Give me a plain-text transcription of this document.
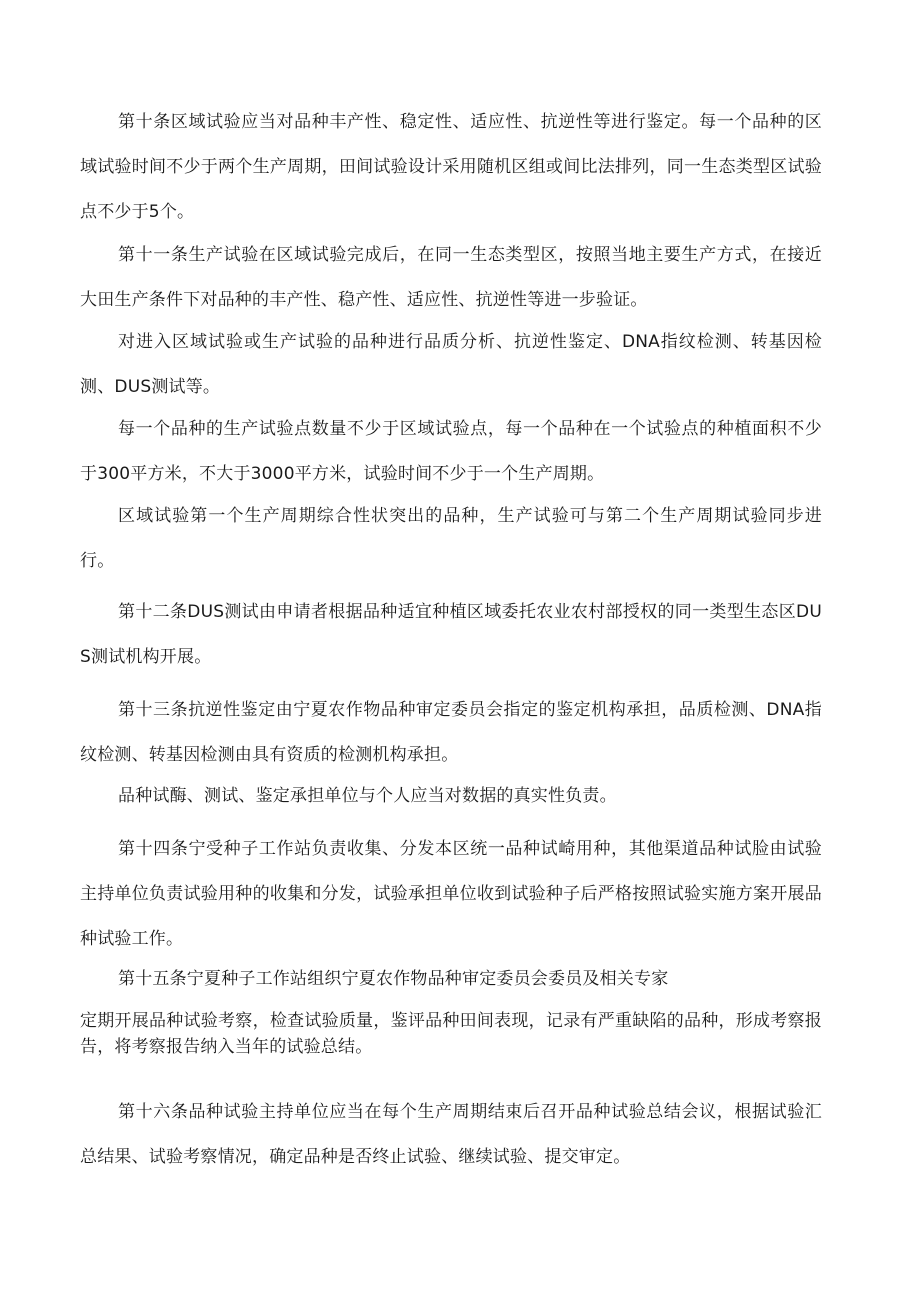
第十条区域试验应当对品种丰产性、稳定性、适应性、抗逆性等进行鉴定。每一个品种的区域试验时间不少于两个生产周期，田间试验设计采用随机区组或间比法排列，同一生态类型区试验点不少于5个。

第十一条生产试验在区域试验完成后，在同一生态类型区，按照当地主要生产方式，在接近大田生产条件下对品种的丰产性、稳产性、适应性、抗逆性等进一步验证。

对进入区域试验或生产试验的品种进行品质分析、抗逆性鉴定、DNA指纹检测、转基因检测、DUS测试等。

每一个品种的生产试验点数量不少于区域试验点，每一个品种在一个试验点的种植面积不少于300平方米，不大于3000平方米，试验时间不少于一个生产周期。

区域试验第一个生产周期综合性状突出的品种，生产试验可与第二个生产周期试验同步进行。

第十二条DUS测试由申请者根据品种适宜种植区域委托农业农村部授权的同一类型生态区DUS测试机构开展。

第十三条抗逆性鉴定由宁夏农作物品种审定委员会指定的鉴定机构承担，品质检测、DNA指纹检测、转基因检测由具有资质的检测机构承担。

品种试酶、测试、鉴定承担单位与个人应当对数据的真实性负责。

第十四条宁受种子工作站负责收集、分发本区统一品种试崎用种，其他渠道品种试脸由试验主持单位负责试验用种的收集和分发，试验承担单位收到试验种子后严格按照试验实施方案开展品种试验工作。

第十五条宁夏种子工作站组织宁夏农作物品种审定委员会委员及相关专家

定期开展品种试验考察，检查试验质量，鉴评品种田间表现，记录有严重缺陷的品种，形成考察报告，将考察报告纳入当年的试验总结。

第十六条品种试验主持单位应当在每个生产周期结束后召开品种试验总结会议，根据试验汇总结果、试验考察情况，确定品种是否终止试验、继续试验、提交审定。
